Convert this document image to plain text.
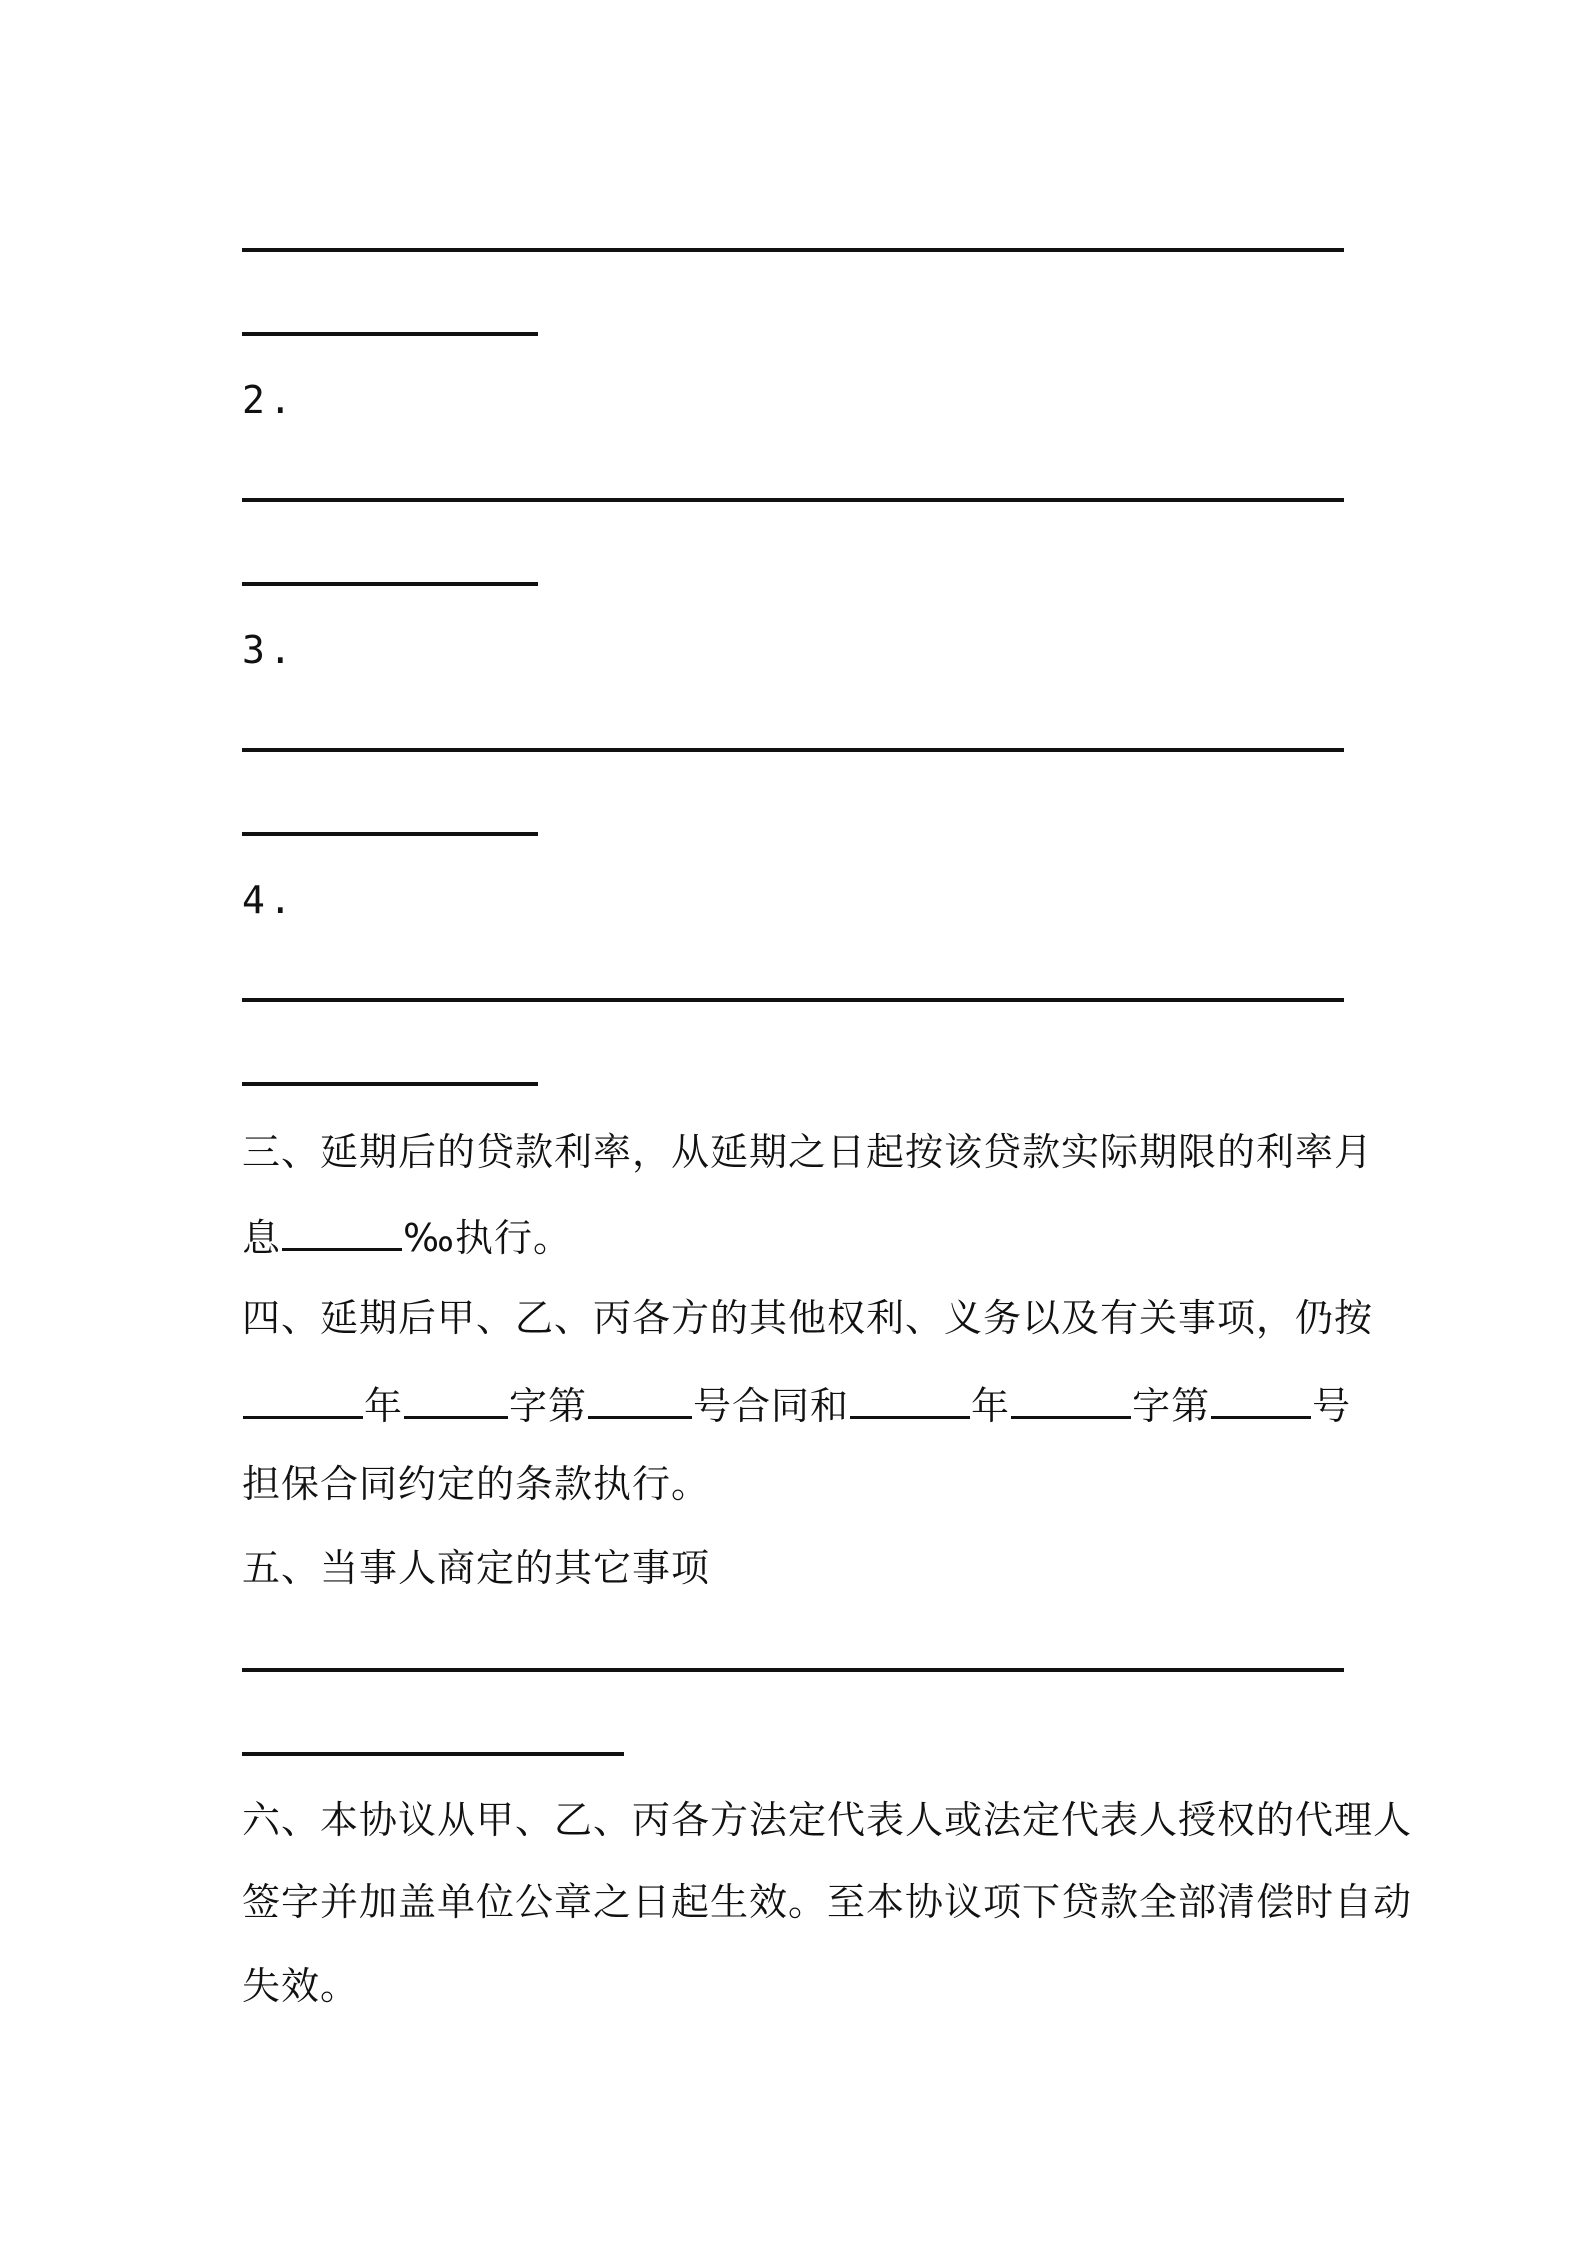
2.
3.
4.
三、延期后的贷款利率，从延期之日起按该贷款实际期限的利率月
息	‰执行。
四、延期后甲、乙、丙各方的其他权利、义务以及有关事项，仍按
年	字第	号合同和	年	字第	号
担保合同约定的条款执行。
五、当事人商定的其它事项
六、本协议从甲、乙、丙各方法定代表人或法定代表人授权的代理人
签字并加盖单位公章之日起生效。至本协议项下贷款全部清偿时自动
失效。
